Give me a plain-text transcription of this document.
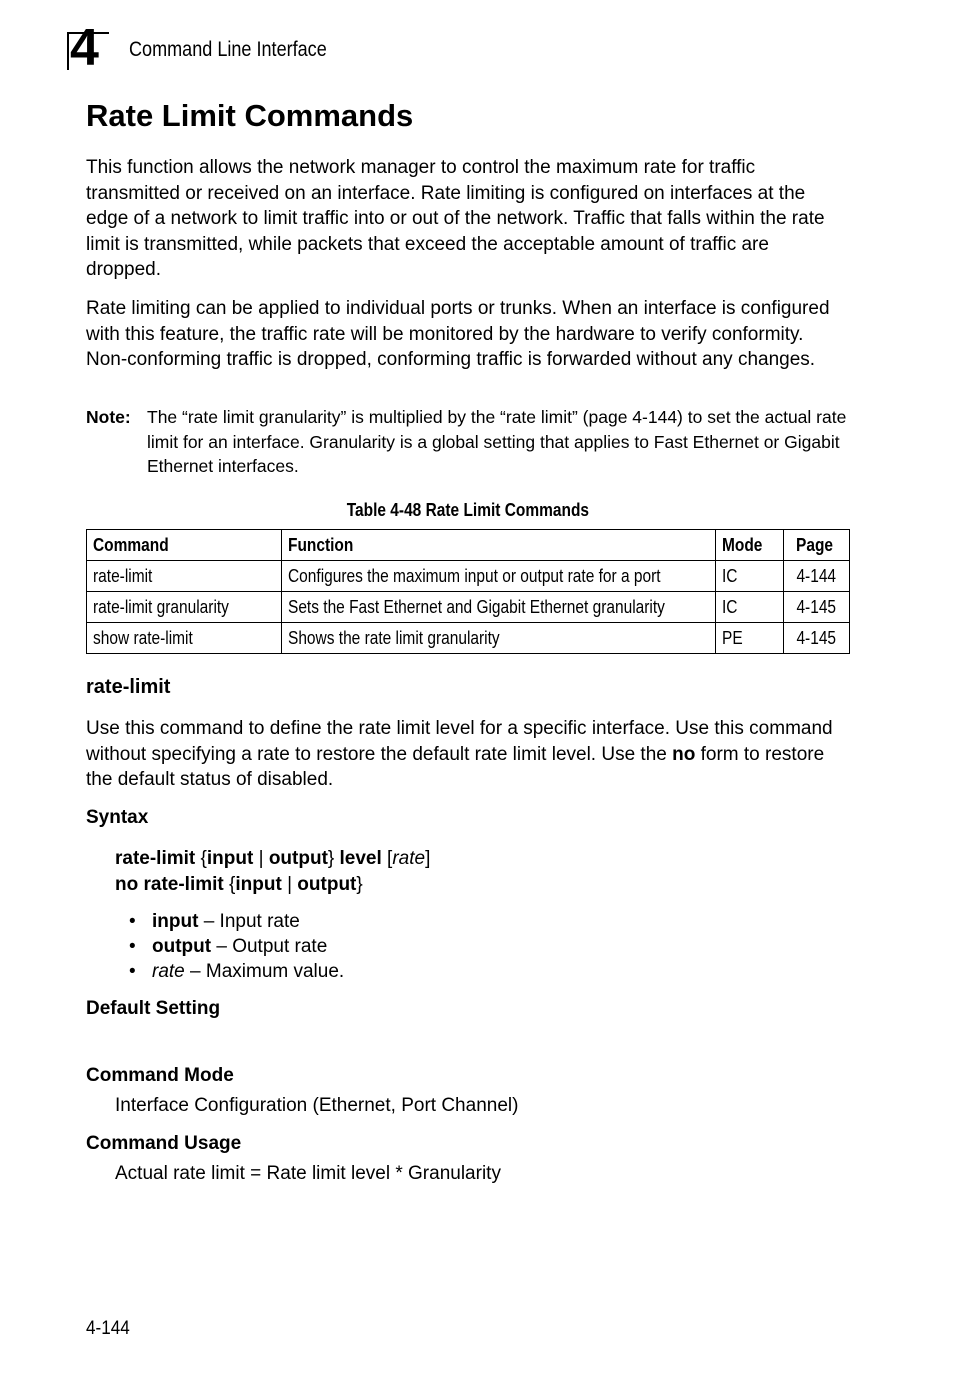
4 Command Line Interface
Rate Limit Commands

This function allows the network manager to control the maximum rate for traffic transmitted or received on an interface. Rate limiting is configured on interfaces at the edge of a network to limit traffic into or out of the network. Traffic that falls within the rate limit is transmitted, while packets that exceed the acceptable amount of traffic are dropped.

Rate limiting can be applied to individual ports or trunks. When an interface is configured with this feature, the traffic rate will be monitored by the hardware to verify conformity. Non-conforming traffic is dropped, conforming traffic is forwarded without any changes.

Note: The “rate limit granularity” is multiplied by the “rate limit” (page 4-144) to set the actual rate limit for an interface. Granularity is a global setting that applies to Fast Ethernet or Gigabit Ethernet interfaces.
Table 4-48 Rate Limit Commands
Command	Function	Mode	Page
rate-limit	Configures the maximum input or output rate for a port	IC	4-144
rate-limit granularity	Sets the Fast Ethernet and Gigabit Ethernet granularity	IC	4-145
show rate-limit	Shows the rate limit granularity	PE	4-145
rate-limit

Use this command to define the rate limit level for a specific interface. Use this command without specifying a rate to restore the default rate limit level. Use the no form to restore the default status of disabled.

Syntax
rate-limit {input | output} level [rate]
no rate-limit {input | output}
• input – Input rate
• output – Output rate
• rate – Maximum value.
Default Setting
Command Mode

Interface Configuration (Ethernet, Port Channel)

Command Usage

Actual rate limit = Rate limit level * Granularity

4-144
